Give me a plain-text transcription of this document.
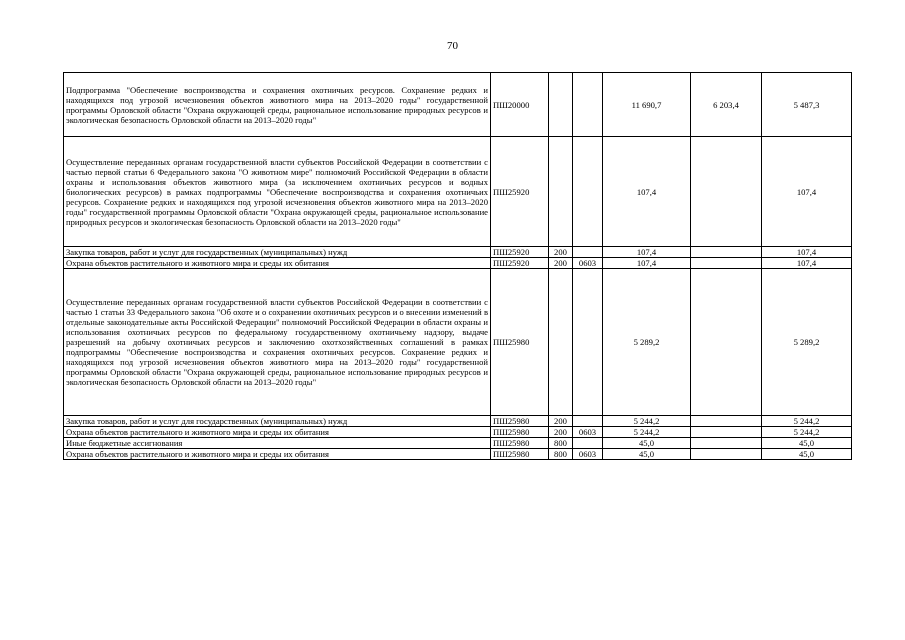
70
Подпрограмма "Обеспечение воспроизводства и сохранения охотничьих ресурсов. Сохранение редких и находящихся под угрозой исчезновения объектов животного мира на 2013–2020 годы" государственной программы Орловской области "Охрана окружающей среды, рациональное использование природных ресурсов и экологическая безопасность Орловской области на 2013–2020 годы"	ПШ20000			11 690,7	6 203,4	5 487,3
Осуществление переданных органам государственной власти субъектов Российской Федерации в соответствии с частью первой статьи 6 Федерального закона "О животном мире" полномочий Российской Федерации в области охраны и использования объектов животного мира (за исключением охотничьих ресурсов и водных биологических ресурсов) в рамках подпрограммы "Обеспечение воспроизводства и сохранения охотничьих ресурсов. Сохранение редких и находящихся под угрозой исчезновения объектов животного мира на 2013–2020 годы" государственной программы Орловской области "Охрана окружающей среды, рациональное использование природных ресурсов и экологическая безопасность Орловской области на 2013–2020 годы"	ПШ25920			107,4		107,4
Закупка товаров, работ и услуг для государственных (муниципальных) нужд	ПШ25920	200		107,4		107,4
Охрана объектов растительного и животного мира и среды их обитания	ПШ25920	200	0603	107,4		107,4
Осуществление переданных органам государственной власти субъектов Российской Федерации в соответствии с частью 1 статьи 33 Федерального закона "Об охоте и о сохранении охотничьих ресурсов и о внесении изменений в отдельные законодательные акты Российской Федерации" полномочий Российской Федерации в области охраны и использования охотничьих ресурсов по федеральному государственному охотничьему надзору, выдаче разрешений на добычу охотничьих ресурсов и заключению охотхозяйственных соглашений в рамках подпрограммы "Обеспечение воспроизводства и сохранения охотничьих ресурсов. Сохранение редких и находящихся под угрозой исчезновения объектов животного мира на 2013–2020 годы" государственной программы Орловской области "Охрана окружающей среды, рациональное использование природных ресурсов и экологическая безопасность Орловской области на 2013–2020 годы"	ПШ25980			5 289,2		5 289,2
Закупка товаров, работ и услуг для государственных (муниципальных) нужд	ПШ25980	200		5 244,2		5 244,2
Охрана объектов растительного и животного мира и среды их обитания	ПШ25980	200	0603	5 244,2		5 244,2
Иные бюджетные ассигнования	ПШ25980	800		45,0		45,0
Охрана объектов растительного и животного мира и среды их обитания	ПШ25980	800	0603	45,0		45,0
